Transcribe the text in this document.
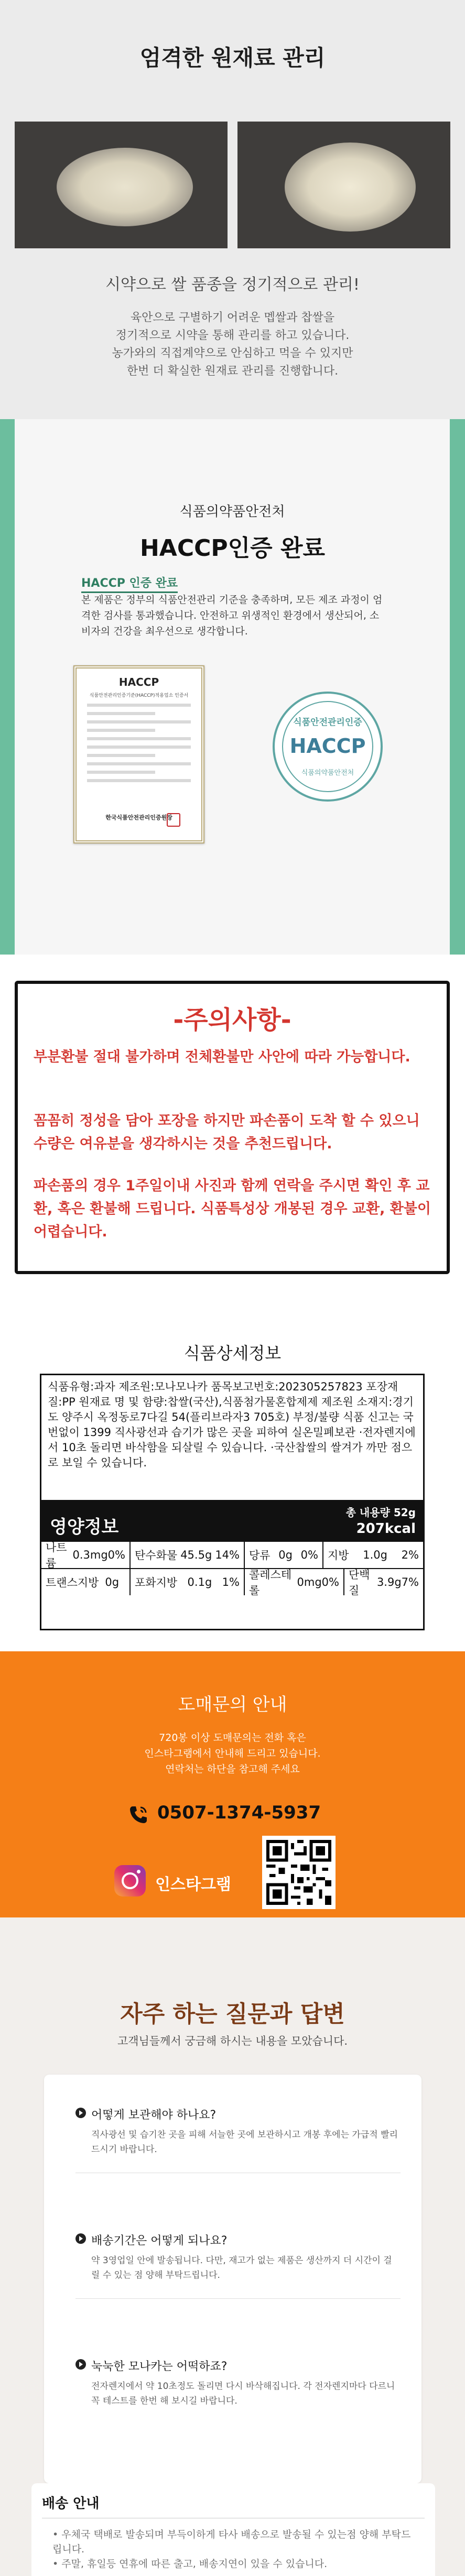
엄격한 원재료 관리
시약으로 쌀 품종을 정기적으로 관리!
육안으로 구별하기 어려운 멥쌀과 찹쌀을
정기적으로 시약을 통해 관리를 하고 있습니다.
농가와의 직접계약으로 안심하고 먹을 수 있지만
한번 더 확실한 원재료 관리를 진행합니다.
식품의약품안전처
HACCP인증 완료
HACCP 인증 완료
본 제품은 정부의 식품안전관리 기준을 충족하며, 모든 제조 과정이 엄격한 검사를 통과했습니다. 안전하고 위생적인 환경에서 생산되어, 소비자의 건강을 최우선으로 생각합니다.
HACCP
식품안전관리인증기준(HACCP)적용업소 인증서
한국식품안전관리인증원장
식품안전관리인증
HACCP
식품의약품안전처
-주의사항-
부분환불 절대 불가하며 전체환불만 사안에 따라 가능합니다.
꼼꼼히 정성을 담아 포장을 하지만 파손품이 도착 할 수 있으니 수량은 여유분을 생각하시는 것을 추천드립니다.
파손품의 경우 1주일이내 사진과 함께 연락을 주시면 확인 후 교환, 혹은 환불해 드립니다. 식품특성상 개봉된 경우 교환, 환불이 어렵습니다.
식품상세정보
식품유형:과자 제조원:모나모나카 품목보고번호:202305257823 포장재질:PP 원재료 명 및 함량:찹쌀(국산),식품첨가물혼합제제 제조원 소재지:경기도 양주시 옥정동로7다길 54(플리브라자3 705호) 부정/불량 식품 신고는 국번없이 1399 직사광선과 습기가 많은 곳을 피하여 실온밀폐보관 ·전자렌지에서 10초 돌리면 바삭함을 되살릴 수 있습니다. ·국산찹쌀의 쌀겨가 까만 점으로 보일 수 있습니다.
영양정보
총 내용량 52g
207kcal
나트륨
0.3mg 0% 탄수화물 45.5g 14% 당류 0g 0% 지방 1.0g 2%
트랜스지방 0g 포화지방 0.1g 1%
콜레스테롤
0mg 0%
단백질
3.9g 7%
도매문의 안내
720봉 이상 도매문의는 전화 혹은
인스타그램에서 안내해 드리고 있습니다.
연락처는 하단을 참고해 주세요
0507-1374-5937
인스타그램
자주 하는 질문과 답변
고객님들께서 궁금해 하시는 내용을 모았습니다.
어떻게 보관해야 하나요?
직사광선 및 습기찬 곳을 피해 서늘한 곳에 보관하시고 개봉 후에는 가급적 빨리 드시기 바랍니다.
배송기간은 어떻게 되나요?
약 3영업일 안에 발송됩니다. 다만, 재고가 없는 제품은 생산까지 더 시간이 걸릴 수 있는 점 양해 부탁드립니다.
눅눅한 모나카는 어떡하죠?
전자렌지에서 약 10초정도 돌리면 다시 바삭해집니다. 각 전자렌지마다 다르니 꼭 테스트를 한번 해 보시길 바랍니다.
배송 안내
• 우체국 택배로 발송되며 부득이하게 타사 배송으로 발송될 수 있는점 양해 부탁드립니다.
• 주말, 휴일등 연휴에 따른 출고, 배송지연이 있을 수 있습니다.
